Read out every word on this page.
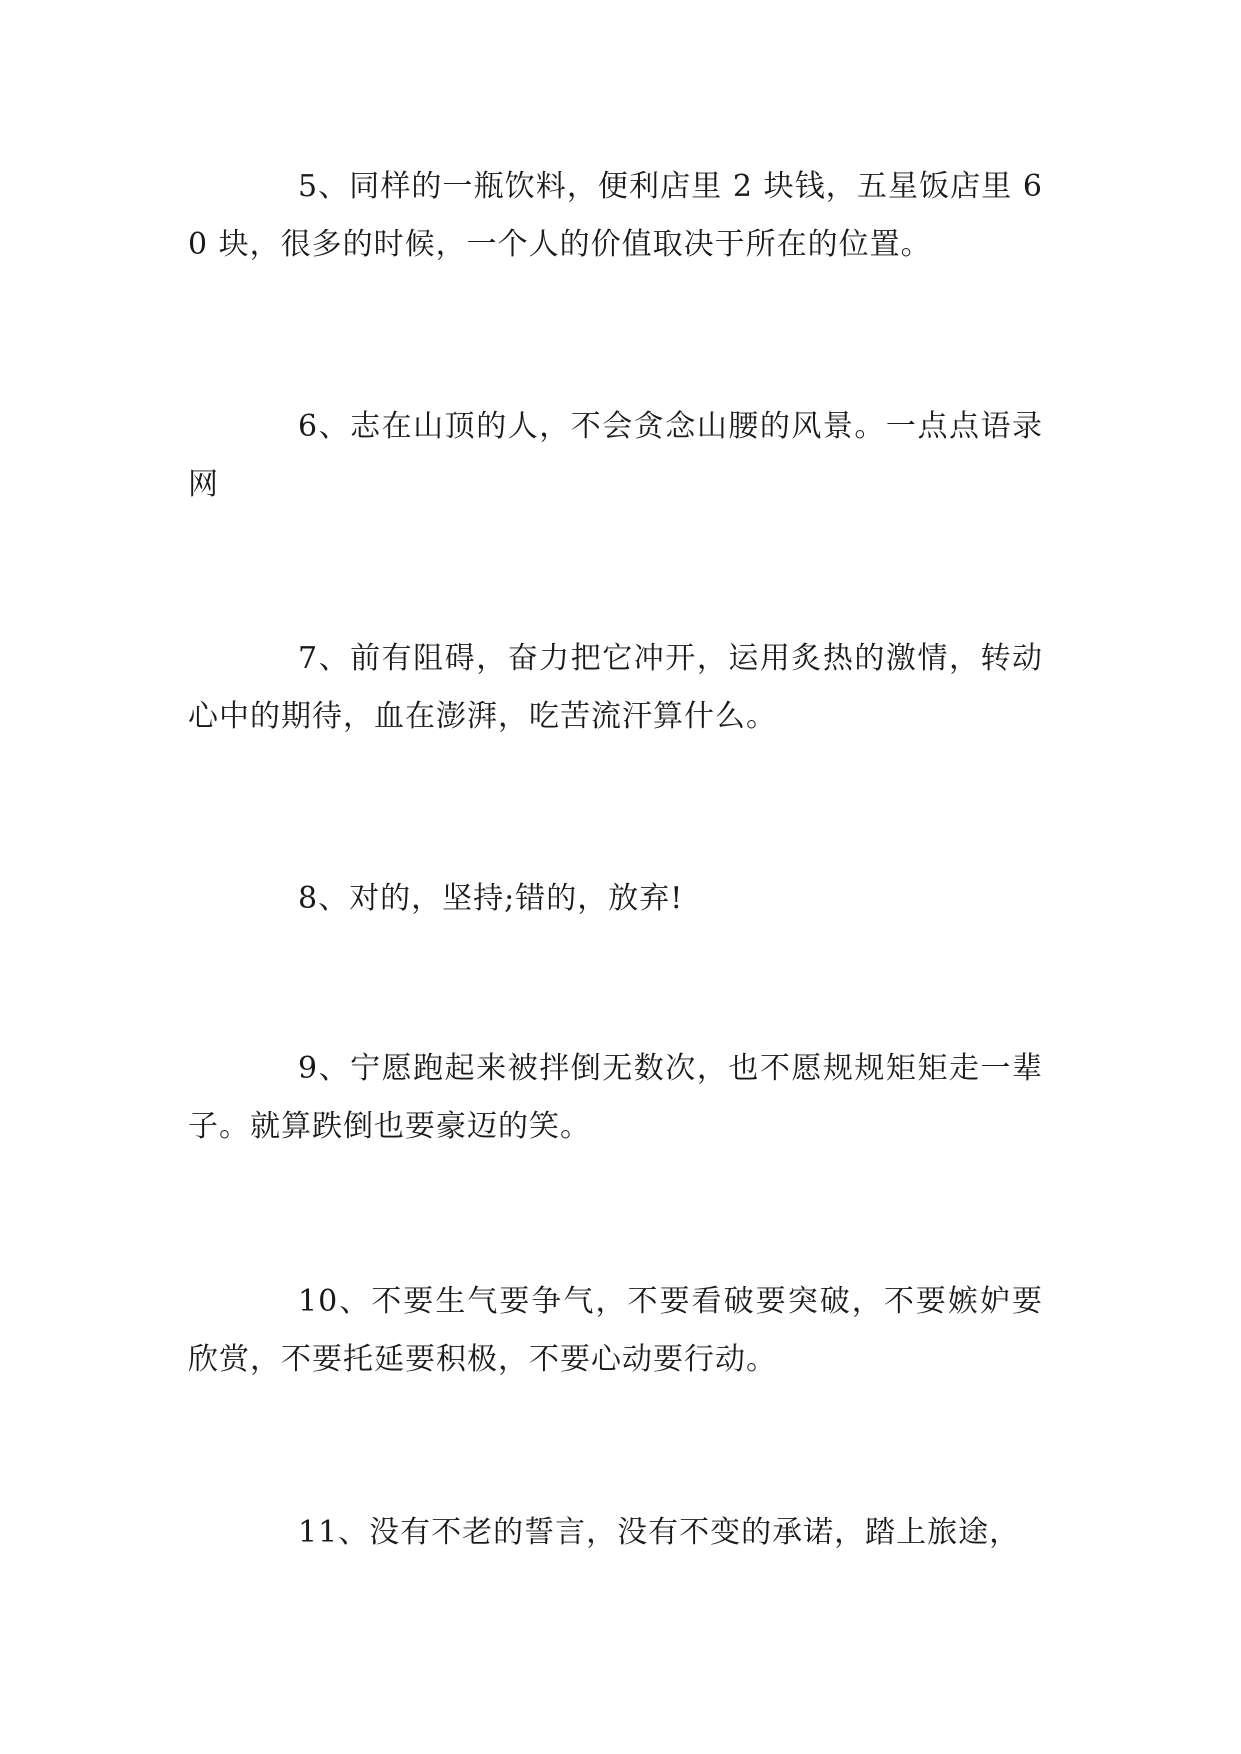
5、同样的一瓶饮料，便利店里 2 块钱，五星饭店里 60 块，很多的时候，一个人的价值取决于所在的位置。

6、志在山顶的人，不会贪念山腰的风景。一点点语录网

7、前有阻碍，奋力把它冲开，运用炙热的激情，转动心中的期待，血在澎湃，吃苦流汗算什么。

8、对的，坚持;错的，放弃!

9、宁愿跑起来被拌倒无数次，也不愿规规矩矩走一辈子。就算跌倒也要豪迈的笑。

10、不要生气要争气，不要看破要突破，不要嫉妒要欣赏，不要托延要积极，不要心动要行动。

11、没有不老的誓言，没有不变的承诺，踏上旅途，
